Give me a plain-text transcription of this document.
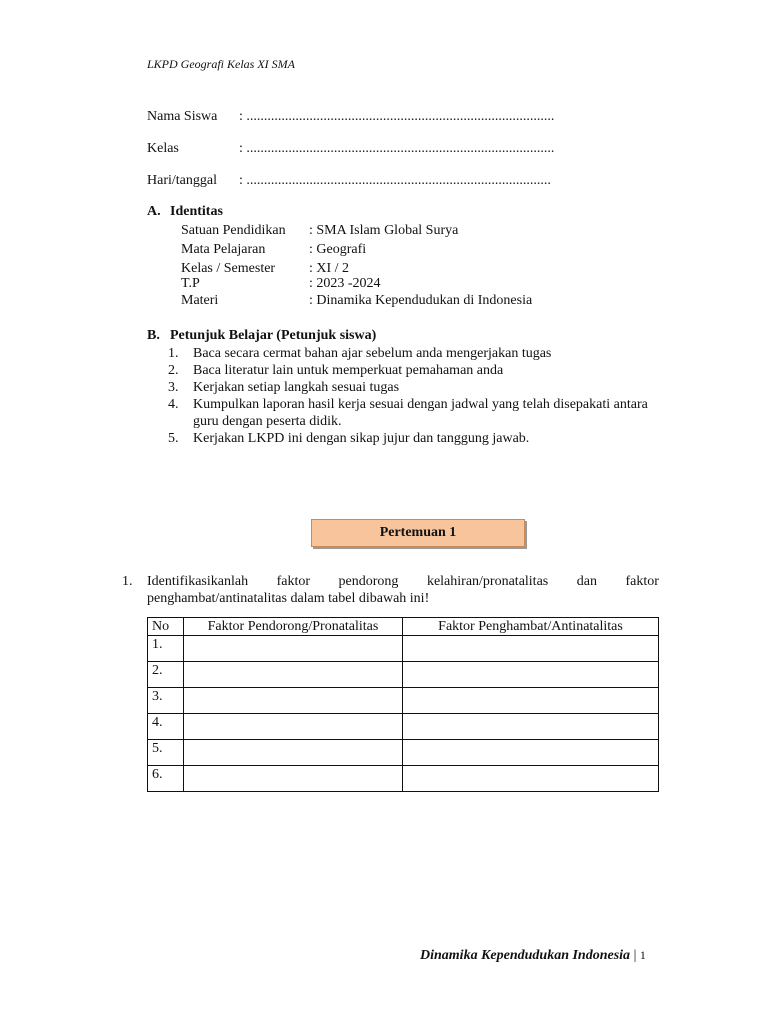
LKPD Geografi Kelas XI SMA
Nama Siswa : ........................................................................................
Kelas	: ........................................................................................
Hari/tanggal : .......................................................................................
A. Identitas
Satuan Pendidikan : SMA Islam Global Surya
Mata Pelajaran	: Geografi
Kelas / Semester : XI / 2
T.P	: 2023 -2024
Materi	: Dinamika Kependudukan di Indonesia
B. Petunjuk Belajar (Petunjuk siswa)
1.	Baca secara cermat bahan ajar sebelum anda mengerjakan tugas
2.	Baca literatur lain untuk memperkuat pemahaman anda
3.	Kerjakan setiap langkah sesuai tugas
4.	Kumpulkan laporan hasil kerja sesuai dengan jadwal yang telah disepakati antara guru dengan peserta didik.
5.	Kerjakan LKPD ini dengan sikap jujur dan tanggung jawab.
Pertemuan 1
1.	Identifikasikanlah faktor pendorong kelahiran/pronatalitas dan faktor
penghambat/antinatalitas dalam tabel dibawah ini!
No	Faktor Pendorong/Pronatalitas	Faktor Penghambat/Antinatalitas
1.		
2.		
3.		
4.		
5.		
6.		
Dinamika Kependudukan Indonesia | 1
